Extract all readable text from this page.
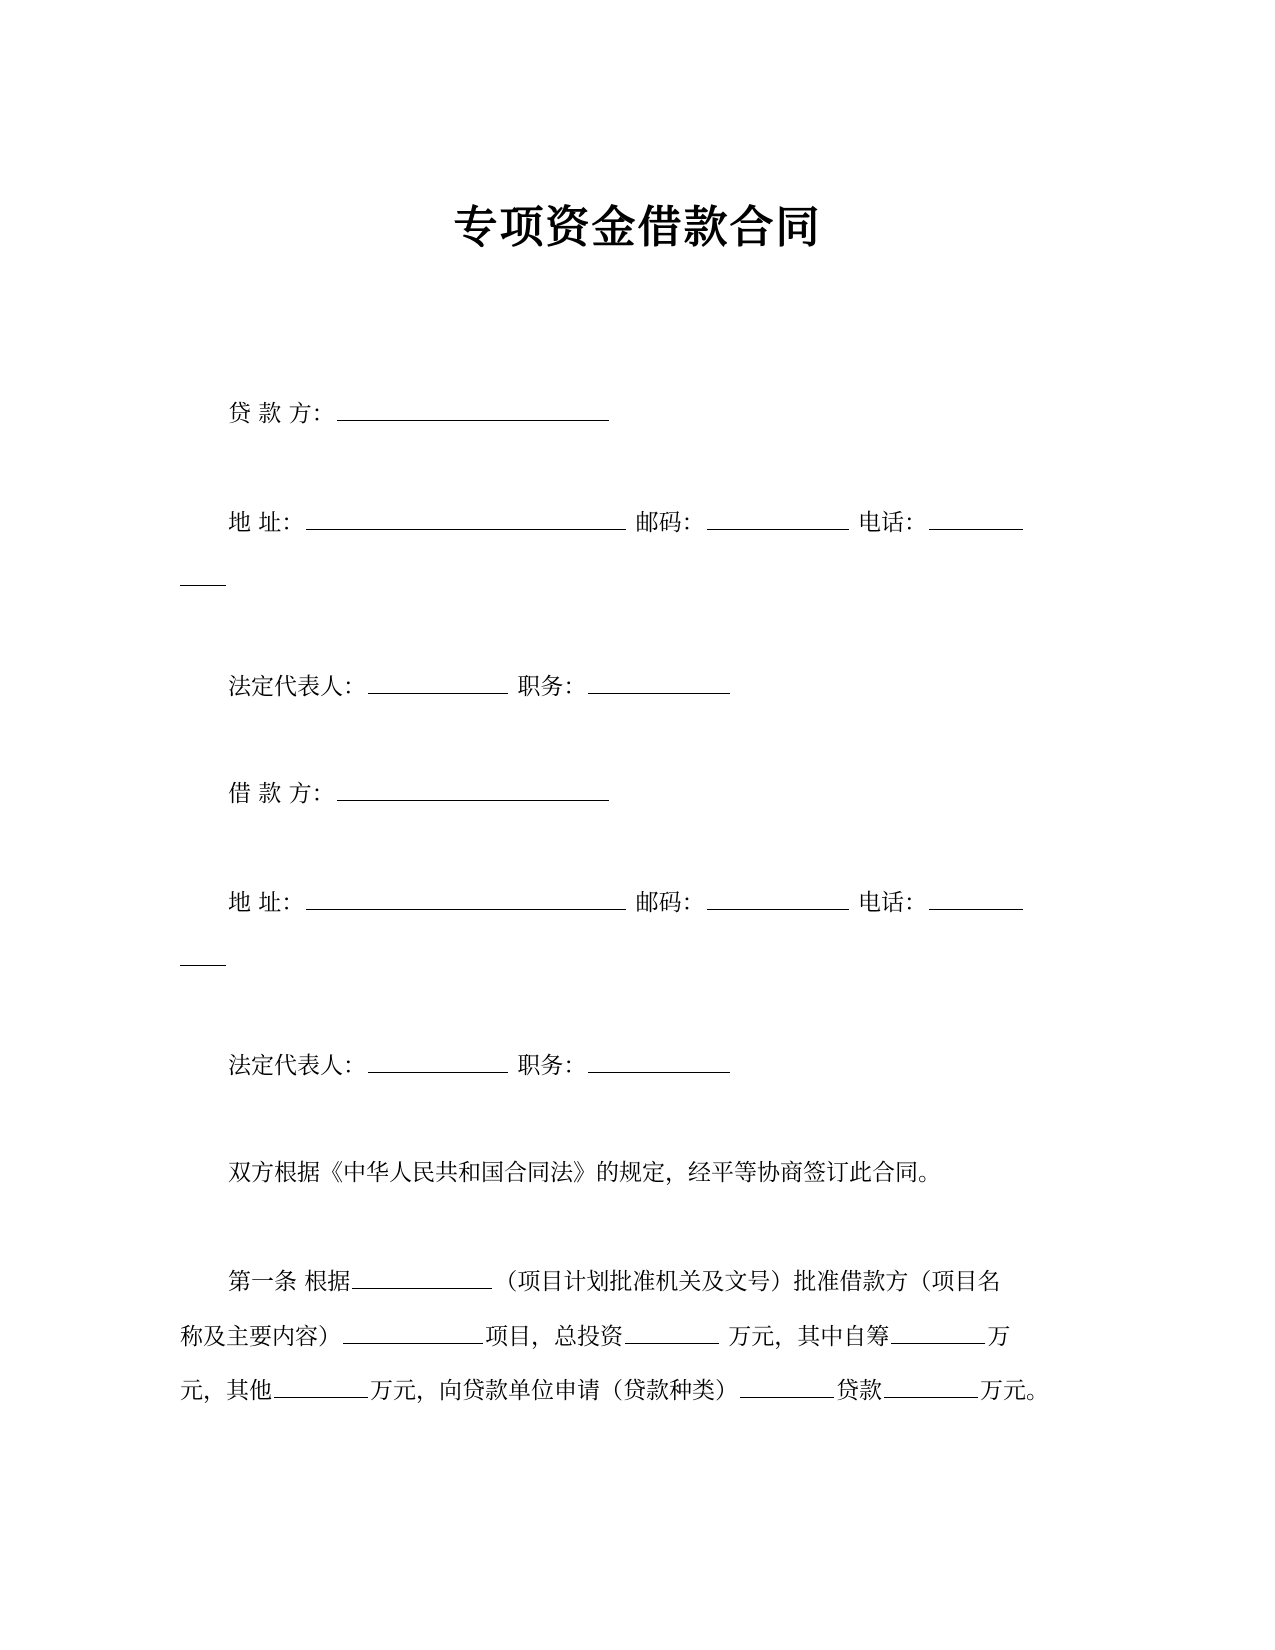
专项资金借款合同
贷 款 方：
地 址：	邮码：	电话：
法定代表人：	职务：
借 款 方：
地 址：	邮码：	电话：
法定代表人：	职务：
双方根据《中华人民共和国合同法》的规定，经平等协商签订此合同。
第一条 根据	（项目计划批准机关及文号）批准借款方（项目名
称及主要内容）	项目，总投资	万元，其中自筹	万
元，其他	万元，向贷款单位申请（贷款种类）	贷款	万元。
